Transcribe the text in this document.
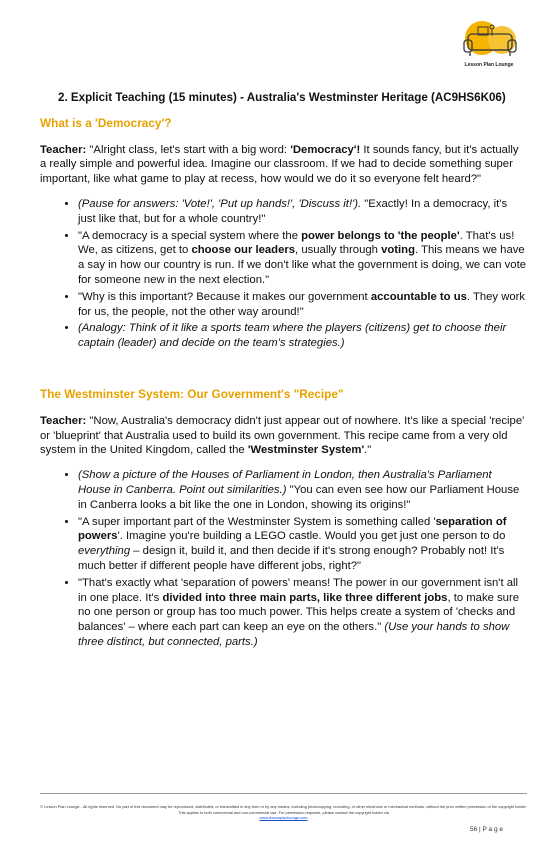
Lesson Plan Lounge
2. Explicit Teaching (15 minutes) - Australia's Westminster Heritage (AC9HS6K06)
What is a 'Democracy'?

Teacher: "Alright class, let's start with a big word: 'Democracy'! It sounds fancy, but it's actually a really simple and powerful idea. Imagine our classroom. If we had to decide something super important, like what game to play at recess, how would we do it so everyone felt heard?"

• (Pause for answers: 'Vote!', 'Put up hands!', 'Discuss it!'). "Exactly! In a democracy, it's just like that, but for a whole country!"
• "A democracy is a special system where the power belongs to 'the people'. That's us! We, as citizens, get to choose our leaders, usually through voting. This means we have a say in how our country is run. If we don't like what the government is doing, we can vote for someone new in the next election."
• "Why is this important? Because it makes our government accountable to us. They work for us, the people, not the other way around!"
• (Analogy: Think of it like a sports team where the players (citizens) get to choose their captain (leader) and decide on the team's strategies.)
The Westminster System: Our Government's "Recipe"

Teacher: "Now, Australia's democracy didn't just appear out of nowhere. It's like a special 'recipe' or 'blueprint' that Australia used to build its own government. This recipe came from a very old system in the United Kingdom, called the 'Westminster System'."

• (Show a picture of the Houses of Parliament in London, then Australia's Parliament House in Canberra. Point out similarities.) "You can even see how our Parliament House in Canberra looks a bit like the one in London, showing its origins!"
• "A super important part of the Westminster System is something called 'separation of powers'. Imagine you're building a LEGO castle. Would you get just one person to do everything – design it, build it, and then decide if it's strong enough? Probably not! It's much better if different people have different jobs, right?"
• "That's exactly what 'separation of powers' means! The power in our government isn't all in one place. It's divided into three main parts, like three different jobs, to make sure no one person or group has too much power. This helps create a system of 'checks and balances' – where each part can keep an eye on the others." (Use your hands to show three distinct, but connected, parts.)
© Lesson Plan Lounge - All rights reserved. No part of this document may be reproduced, distributed, or transmitted in any form or by any means, including photocopying, recording, or other electronic or mechanical methods, without the prior written permission of the copyright holder. This applies to both commercial and non-commercial use. For permission requests, please contact the copyright holder via
www.lessonplanlounge.com
56 | P a g e
